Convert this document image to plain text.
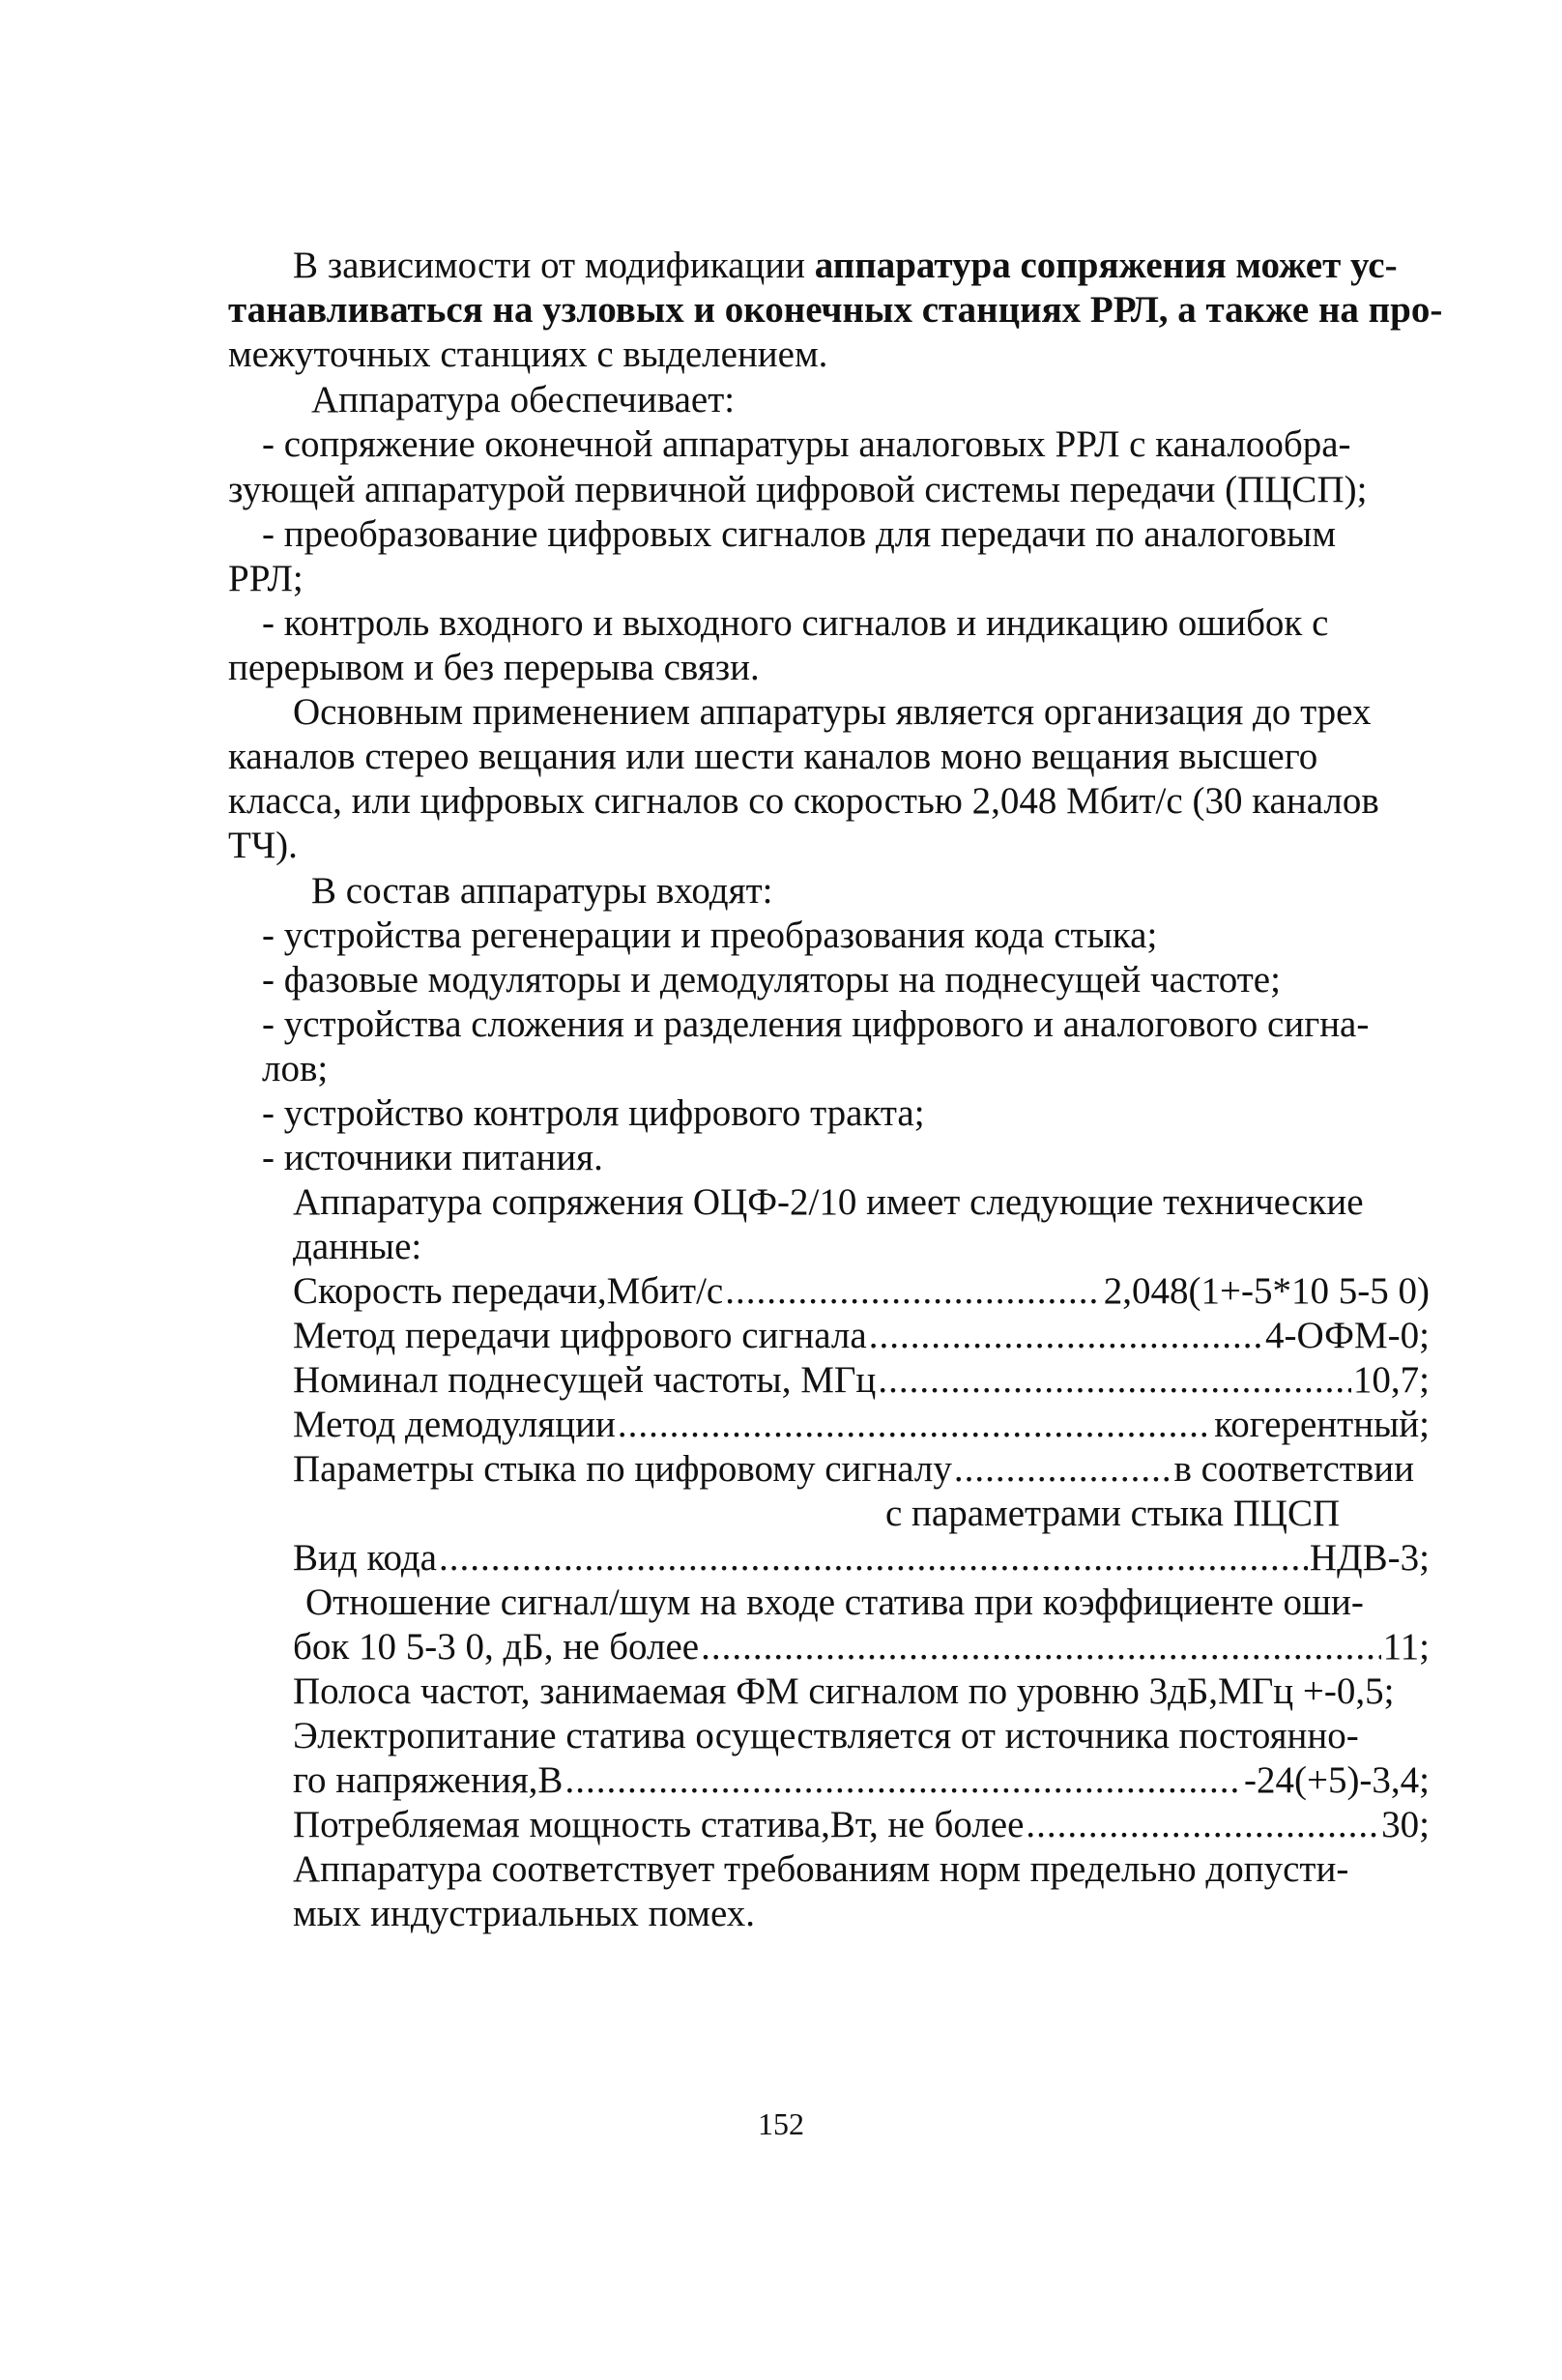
В зависимости от модификации аппаратура сопряжения может ус-
танавливаться на узловых и оконечных станциях РРЛ, а также на про-
межуточных станциях с выделением.
Аппаратура обеспечивает:
- сопряжение оконечной аппаратуры аналоговых РРЛ с каналообра-
зующей аппаратурой первичной цифровой системы передачи (ПЦСП);
- преобразование цифровых сигналов для передачи по аналоговым
РРЛ;
- контроль входного и выходного сигналов и индикацию ошибок с
перерывом и без перерыва связи.
Основным применением аппаратуры является организация до трех
каналов стерео вещания или шести каналов моно вещания высшего
класса, или цифровых сигналов со скоростью 2,048 Мбит/с (30 каналов
ТЧ).
В состав аппаратуры входят:
- устройства регенерации и преобразования кода стыка;
- фазовые модуляторы и демодуляторы на поднесущей частоте;
- устройства сложения и разделения цифрового и аналогового сигна-
лов;
- устройство контроля цифрового тракта;
- источники питания.
Аппаратура сопряжения ОЦФ-2/10 имеет следующие технические
данные:
Скорость передачи,Мбит/с .....	2,048(1+-5*10 5-5 0)
Метод передачи цифрового сигнала .....	4-ОФМ-0;
Номинал поднесущей частоты, МГц .....	10,7;
Метод демодуляции .....	когерентный;
Параметры стыка по цифровому сигналу .....	в соответствии
с параметрами стыка ПЦСП
Вид кода .....	НДВ-3;
Отношение сигнал/шум на входе статива при коэффициенте оши-
бок 10 5-3 0, дБ, не более .....	11;
Полоса частот, занимаемая ФМ сигналом по уровню 3дБ,МГц +-0,5;
Электропитание статива осуществляется от источника постоянно-
го напряжения,В .....	-24(+5)-3,4;
Потребляемая мощность статива,Вт, не более .....	30;
Аппаратура соответствует требованиям норм предельно допусти-
мых индустриальных помех.
152
